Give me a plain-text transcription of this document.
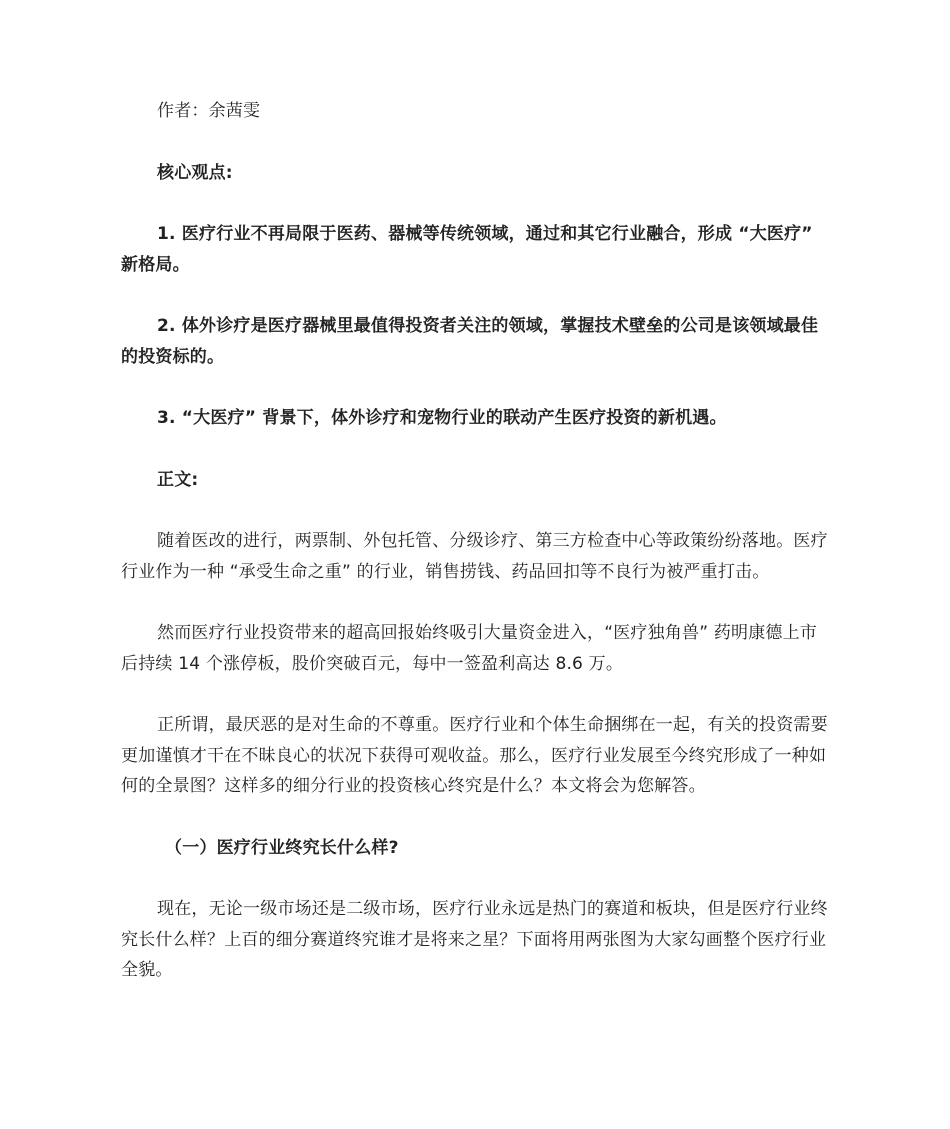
作者：余茜雯

核心观点:

1. 医疗行业不再局限于医药、器械等传统领域，通过和其它行业融合，形成 “大医疗” 新格局。

2. 体外诊疗是医疗器械里最值得投资者关注的领域，掌握技术壁垒的公司是该领域最佳的投资标的。

3. “大医疗” 背景下，体外诊疗和宠物行业的联动产生医疗投资的新机遇。

正文:

随着医改的进行，两票制、外包托管、分级诊疗、第三方检查中心等政策纷纷落地。医疗行业作为一种 “承受生命之重” 的行业，销售捞钱、药品回扣等不良行为被严重打击。

然而医疗行业投资带来的超高回报始终吸引大量资金进入，“医疗独角兽” 药明康德上市后持续 14 个涨停板，股价突破百元，每中一签盈利高达 8.6 万。

正所谓，最厌恶的是对生命的不尊重。医疗行业和个体生命捆绑在一起，有关的投资需要更加谨慎才干在不昧良心的状况下获得可观收益。那么，医疗行业发展至今终究形成了一种如何的全景图？这样多的细分行业的投资核心终究是什么？本文将会为您解答。

（一）医疗行业终究长什么样?

现在，无论一级市场还是二级市场，医疗行业永远是热门的赛道和板块，但是医疗行业终究长什么样？上百的细分赛道终究谁才是将来之星？下面将用两张图为大家勾画整个医疗行业全貌。
